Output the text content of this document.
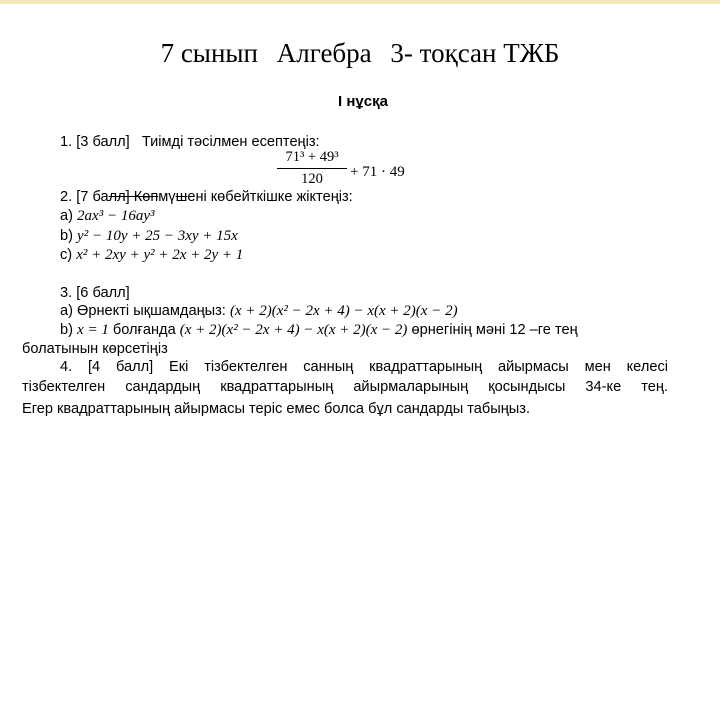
7 сынып Алгебра 3- тоқсан ТЖБ
I нұсқа
1. [3 балл] Тиімді тәсілмен есептеңіз:
$\frac{\text{71³ + 49³}}{120} + 71 \cdot 49$
2. [7 балл] Көпмүшені көбейткішке жіктеңіз:
a) 2ax³ − 16ay³
b) y² − 10y + 25 − 3xy + 15x
c) x² + 2xy + y² + 2x + 2y + 1
3. [6 балл]
a) Өрнекті ықшамдаңыз: (x + 2)(x² − 2x + 4) − x(x + 2)(x − 2)
b) x = 1 болғанда (x + 2)(x² − 2x + 4) − x(x + 2)(x − 2) өрнегінің мәні 12 –ге тең
болатынын көрсетіңіз
4. [4 балл] Екі тізбектелген санның квадраттарының айырмасы мен келесі
тізбектелген сандардың квадраттарының айырмаларының қосындысы 34-ке тең.
Егер квадраттарының айырмасы теріс емес болса бұл сандарды табыңыз.
